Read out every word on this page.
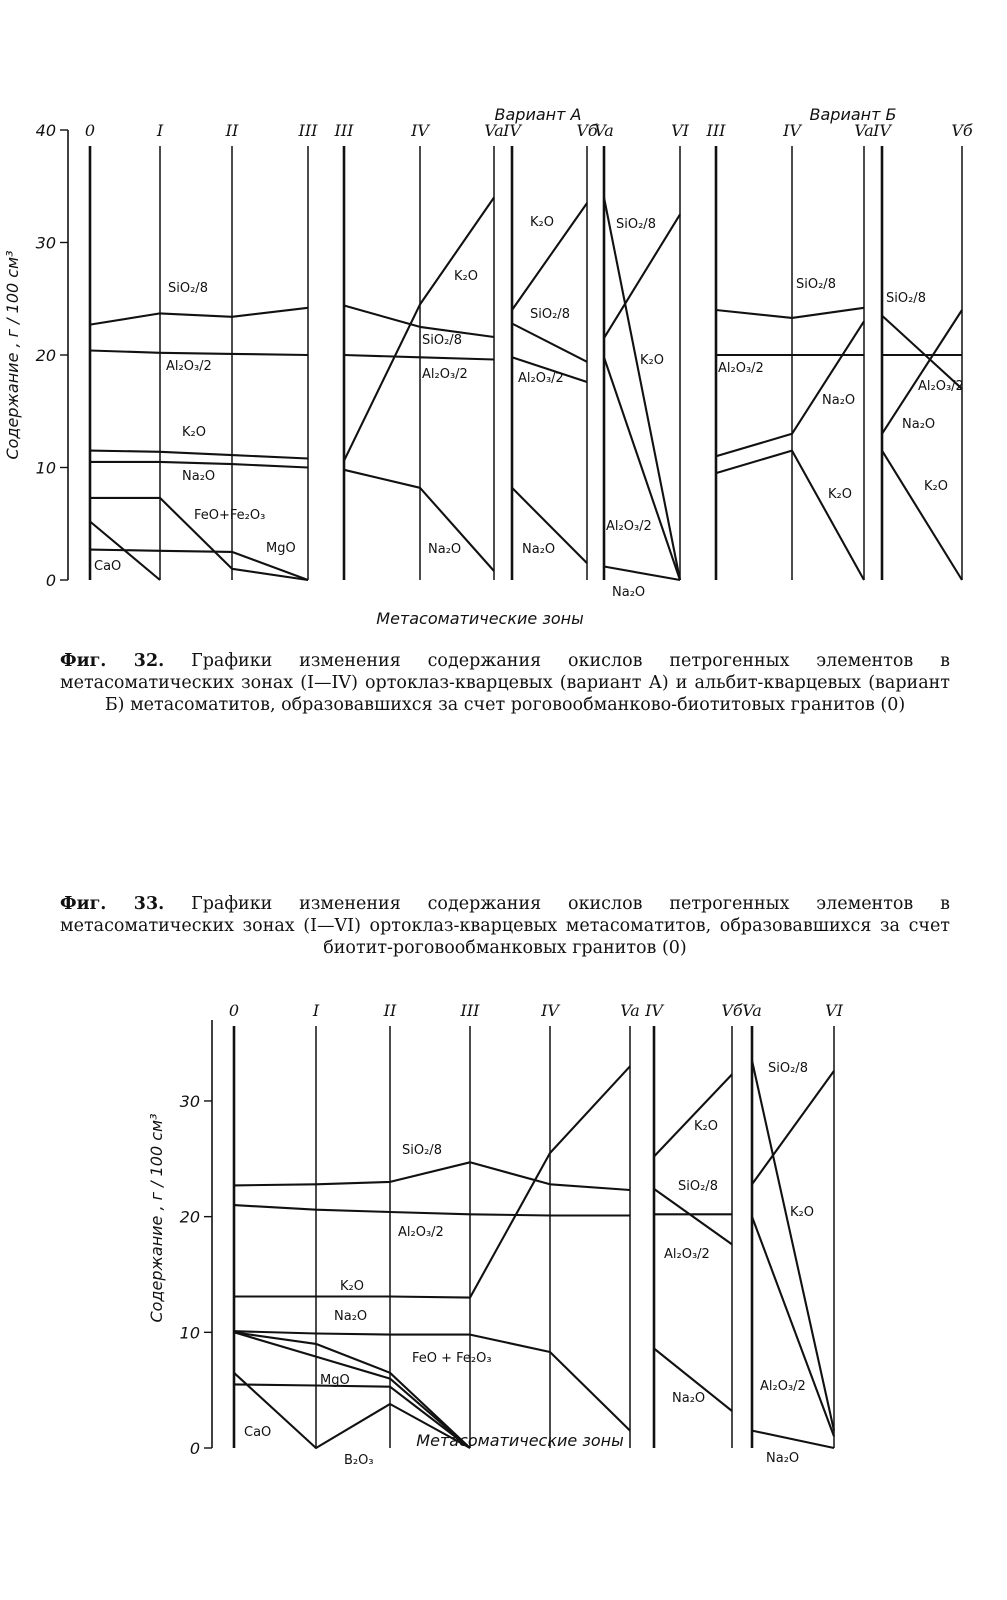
0
10
20
30
40
Содержание , г / 100 см³
Метасоматические зоны
Вариант А	Вариант Б
0	I	II	III
SiO₂/8
Al₂O₃/2
K₂O
Na₂O
FeO+Fe₂O₃
MgO
CaO
III	IV	Va
SiO₂/8
Al₂O₃/2
K₂O
Na₂O
IV	Vб
SiO₂/8
Al₂O₃/2
K₂O
Na₂O
Va	VI
SiO₂/8
K₂O
Al₂O₃/2
Na₂O
III	IV	Va
SiO₂/8
Al₂O₃/2
K₂O
Na₂O
IV	Vб
SiO₂/8
Al₂O₃/2
Na₂O
K₂O
Фиг. 32. Графики изменения содержания окислов петрогенных элементов в метасоматических зонах (I—IV) ортоклаз-кварцевых (вариант А) и альбит-кварцевых (вариант Б) метасоматитов, образовавшихся за счет роговообманково-биотитовых гранитов (0)
Фиг. 33. Графики изменения содержания окислов петрогенных элементов в метасоматических зонах (I—VI) ортоклаз-кварцевых метасоматитов, образовавшихся за счет биотит-роговообманковых гранитов (0)
0
10
20
30
Содержание , г / 100 см³
Метасоматические зоны
0	I	II	III	IV	Va
SiO₂/8
Al₂O₃/2
K₂O
Na₂O
FeO + Fe₂O₃
MgO
CaO
B₂O₃
IV	Vб
SiO₂/8
Al₂O₃/2
K₂O
Na₂O
Va	VI
SiO₂/8
K₂O
Al₂O₃/2
Na₂O
